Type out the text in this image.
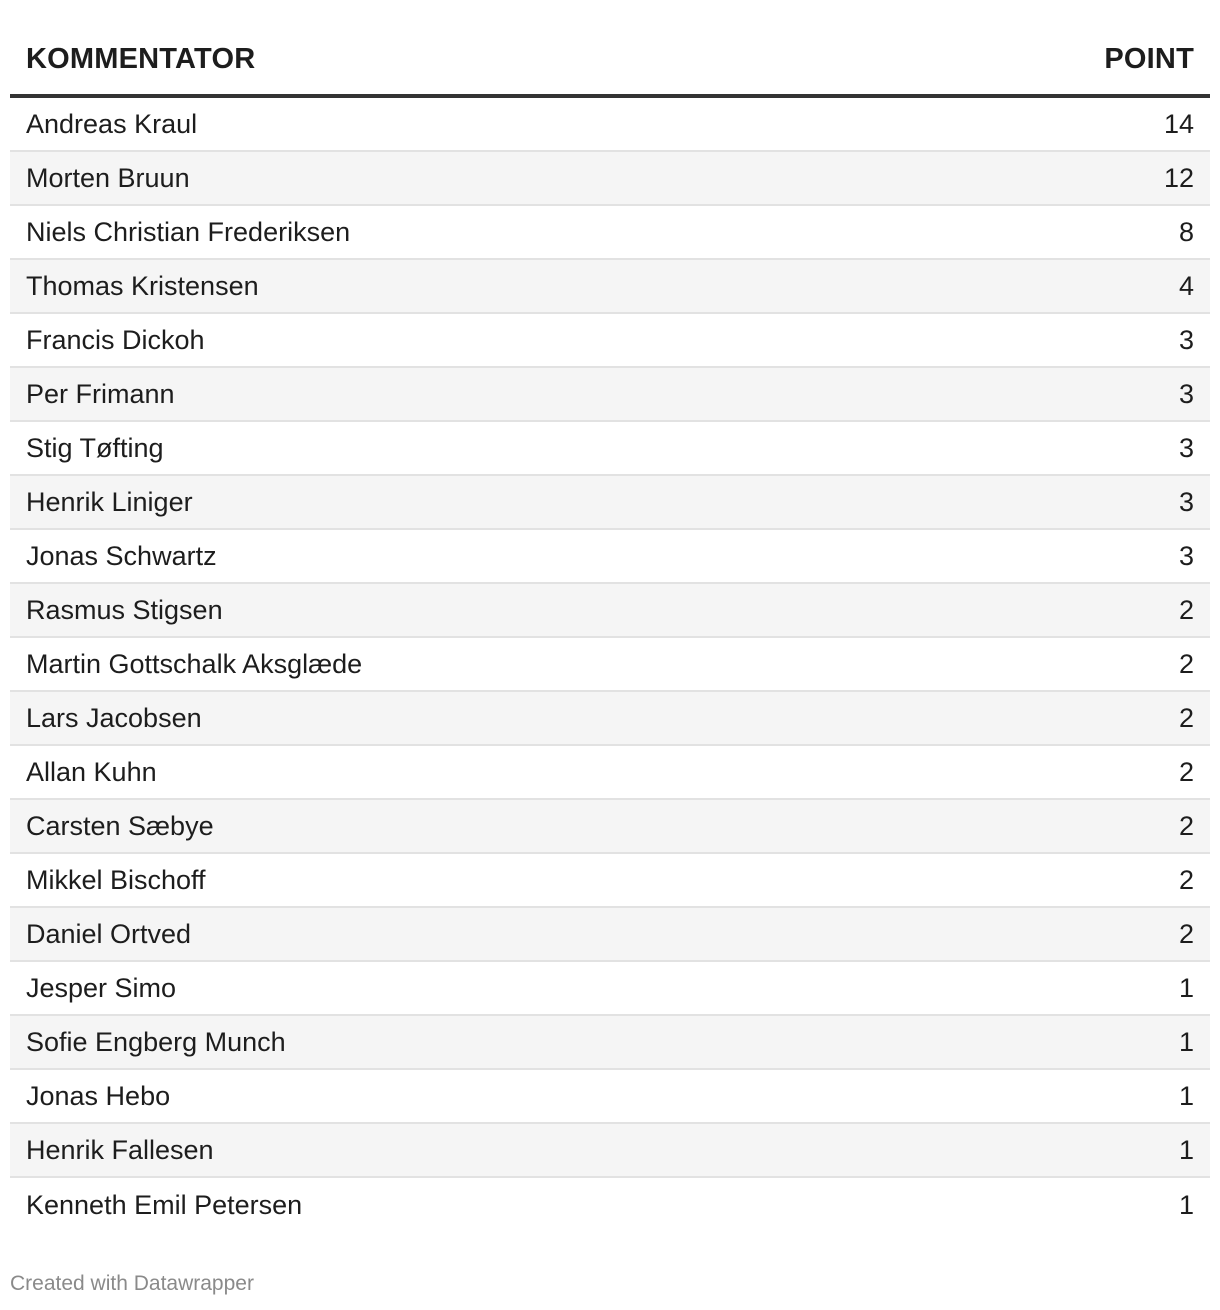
KOMMENTATOR	POINT
Andreas Kraul	14
Morten Bruun	12
Niels Christian Frederiksen	8
Thomas Kristensen	4
Francis Dickoh	3
Per Frimann	3
Stig Tøfting	3
Henrik Liniger	3
Jonas Schwartz	3
Rasmus Stigsen	2
Martin Gottschalk Aksglæde	2
Lars Jacobsen	2
Allan Kuhn	2
Carsten Sæbye	2
Mikkel Bischoff	2
Daniel Ortved	2
Jesper Simo	1
Sofie Engberg Munch	1
Jonas Hebo	1
Henrik Fallesen	1
Kenneth Emil Petersen	1
Created with Datawrapper
